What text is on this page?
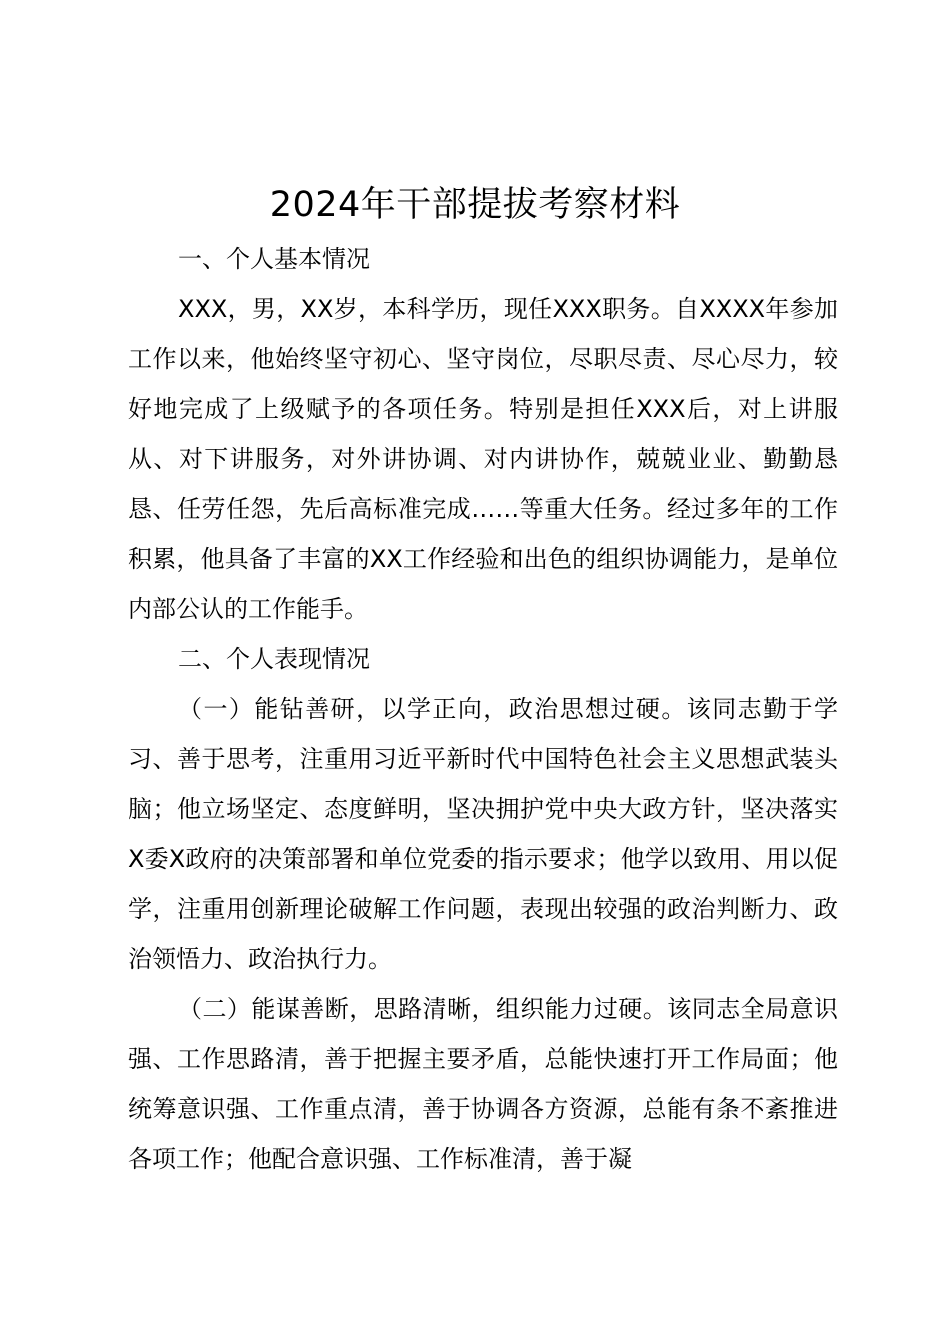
2024年干部提拔考察材料

一、个人基本情况

XXX，男，XX岁，本科学历，现任XXX职务。自XXXX年参加工作以来，他始终坚守初心、坚守岗位，尽职尽责、尽心尽力，较好地完成了上级赋予的各项任务。特别是担任XXX后，对上讲服从、对下讲服务，对外讲协调、对内讲协作，兢兢业业、勤勤恳恳、任劳任怨，先后高标准完成……等重大任务。经过多年的工作积累，他具备了丰富的XX工作经验和出色的组织协调能力，是单位内部公认的工作能手。

二、个人表现情况

（一）能钻善研，以学正向，政治思想过硬。该同志勤于学习、善于思考，注重用习近平新时代中国特色社会主义思想武装头脑；他立场坚定、态度鲜明，坚决拥护党中央大政方针，坚决落实X委X政府的决策部署和单位党委的指示要求；他学以致用、用以促学，注重用创新理论破解工作问题，表现出较强的政治判断力、政治领悟力、政治执行力。

（二）能谋善断，思路清晰，组织能力过硬。该同志全局意识强、工作思路清，善于把握主要矛盾，总能快速打开工作局面；他统筹意识强、工作重点清，善于协调各方资源，总能有条不紊推进各项工作；他配合意识强、工作标准清，善于凝
